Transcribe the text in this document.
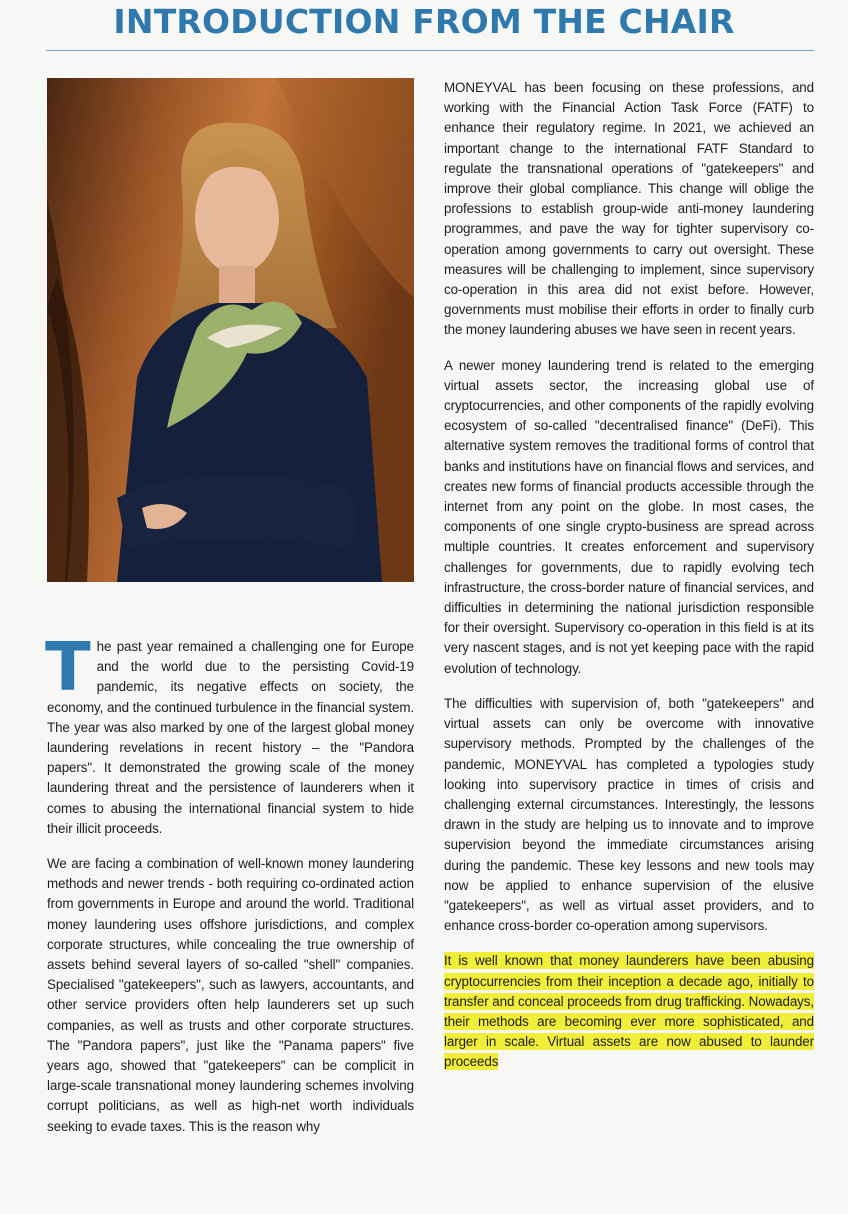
INTRODUCTION FROM THE CHAIR

The past year remained a challenging one for Europe and the world due to the persisting Covid-19 pandemic, its negative effects on society, the economy, and the continued turbulence in the financial system. The year was also marked by one of the largest global money laundering revelations in recent history – the "Pandora papers". It demonstrated the growing scale of the money laundering threat and the persistence of launderers when it comes to abusing the international financial system to hide their illicit proceeds.

We are facing a combination of well-known money laundering methods and newer trends - both requiring co-ordinated action from governments in Europe and around the world. Traditional money laundering uses offshore jurisdictions, and complex corporate structures, while concealing the true ownership of assets behind several layers of so-called "shell" companies. Specialised "gatekeepers", such as lawyers, accountants, and other service providers often help launderers set up such companies, as well as trusts and other corporate structures. The "Pandora papers", just like the "Panama papers" five years ago, showed that "gatekeepers" can be complicit in large-scale transnational money laundering schemes involving corrupt politicians, as well as high-net worth individuals seeking to evade taxes. This is the reason why

MONEYVAL has been focusing on these professions, and working with the Financial Action Task Force (FATF) to enhance their regulatory regime. In 2021, we achieved an important change to the international FATF Standard to regulate the transnational operations of "gatekeepers" and improve their global compliance. This change will oblige the professions to establish group-wide anti-money laundering programmes, and pave the way for tighter supervisory co-operation among governments to carry out oversight. These measures will be challenging to implement, since supervisory co-operation in this area did not exist before. However, governments must mobilise their efforts in order to finally curb the money laundering abuses we have seen in recent years.

A newer money laundering trend is related to the emerging virtual assets sector, the increasing global use of cryptocurrencies, and other components of the rapidly evolving ecosystem of so-called "decentralised finance" (DeFi). This alternative system removes the traditional forms of control that banks and institutions have on financial flows and services, and creates new forms of financial products accessible through the internet from any point on the globe. In most cases, the components of one single crypto-business are spread across multiple countries. It creates enforcement and supervisory challenges for governments, due to rapidly evolving tech infrastructure, the cross-border nature of financial services, and difficulties in determining the national jurisdiction responsible for their oversight. Supervisory co-operation in this field is at its very nascent stages, and is not yet keeping pace with the rapid evolution of technology.

The difficulties with supervision of, both "gatekeepers" and virtual assets can only be overcome with innovative supervisory methods. Prompted by the challenges of the pandemic, MONEYVAL has completed a typologies study looking into supervisory practice in times of crisis and challenging external circumstances. Interestingly, the lessons drawn in the study are helping us to innovate and to improve supervision beyond the immediate circumstances arising during the pandemic. These key lessons and new tools may now be applied to enhance supervision of the elusive "gatekeepers", as well as virtual asset providers, and to enhance cross-border co-operation among supervisors.

It is well known that money launderers have been abusing cryptocurrencies from their inception a decade ago, initially to transfer and conceal proceeds from drug trafficking. Nowadays, their methods are becoming ever more sophisticated, and larger in scale. Virtual assets are now abused to launder proceeds
